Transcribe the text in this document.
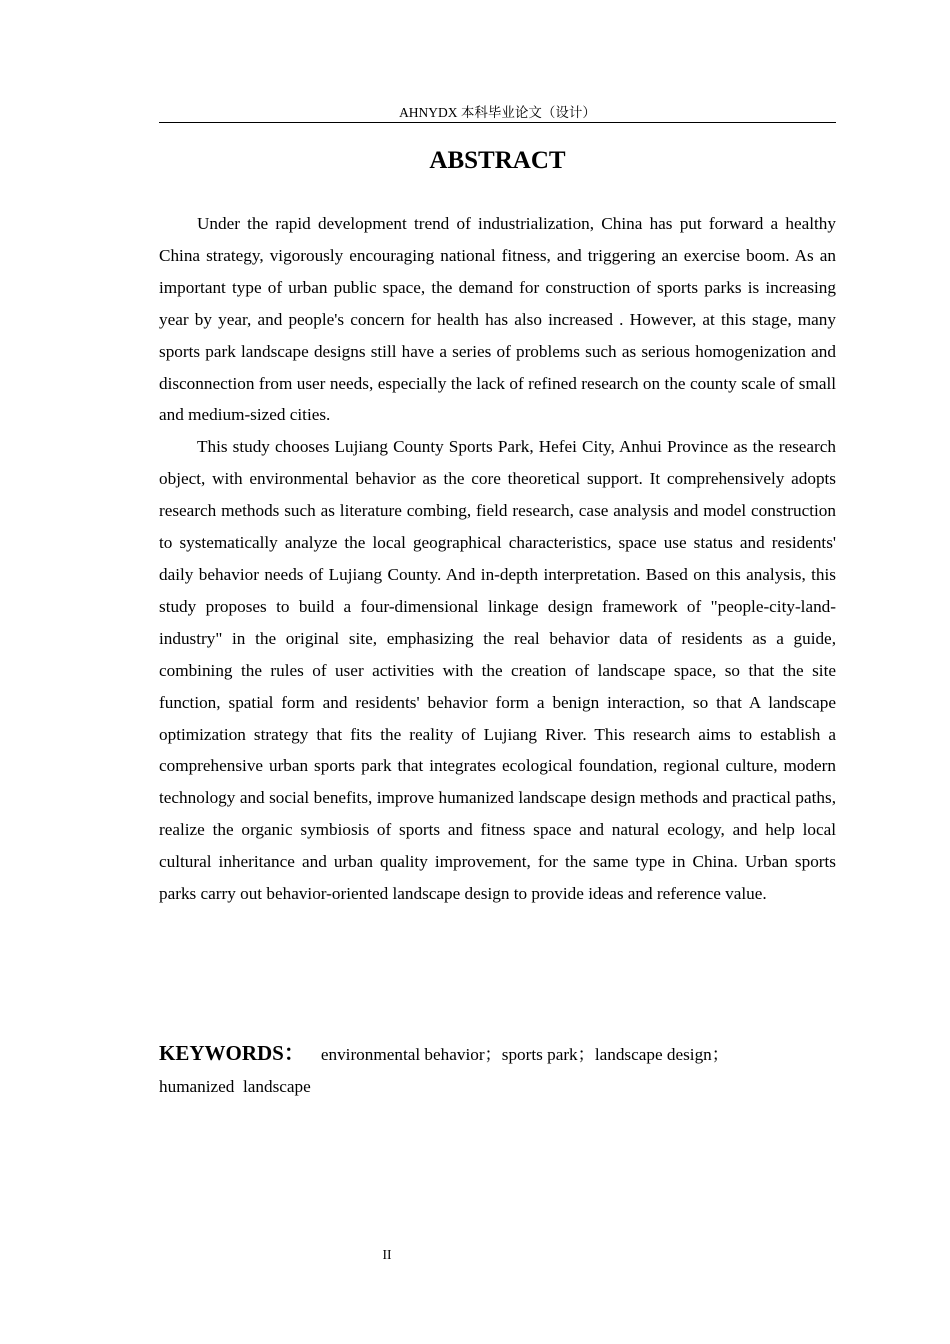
AHNYDX 本科毕业论文（设计）
ABSTRACT

Under the rapid development trend of industrialization, China has put forward a healthy China strategy, vigorously encouraging national fitness, and triggering an exercise boom. As an important type of urban public space, the demand for construction of sports parks is increasing year by year, and people's concern for health has also increased . However, at this stage, many sports park landscape designs still have a series of problems such as serious homogenization and disconnection from user needs, especially the lack of refined research on the county scale of small and medium-sized cities.

This study chooses Lujiang County Sports Park, Hefei City, Anhui Province as the research object, with environmental behavior as the core theoretical support. It comprehensively adopts research methods such as literature combing, field research, case analysis and model construction to systematically analyze the local geographical characteristics, space use status and residents' daily behavior needs of Lujiang County. And in-depth interpretation. Based on this analysis, this study proposes to build a four-dimensional linkage design framework of "people-city-land-industry" in the original site, emphasizing the real behavior data of residents as a guide, combining the rules of user activities with the creation of landscape space, so that the site function, spatial form and residents' behavior form a benign interaction, so that A landscape optimization strategy that fits the reality of Lujiang River. This research aims to establish a comprehensive urban sports park that integrates ecological foundation, regional culture, modern technology and social benefits, improve humanized landscape design methods and practical paths, realize the organic symbiosis of sports and fitness space and natural ecology, and help local cultural inheritance and urban quality improvement, for the same type in China. Urban sports parks carry out behavior-oriented landscape design to provide ideas and reference value.

KEYWORDS： environmental behavior；sports park；landscape design；
humanized  landscape
II
